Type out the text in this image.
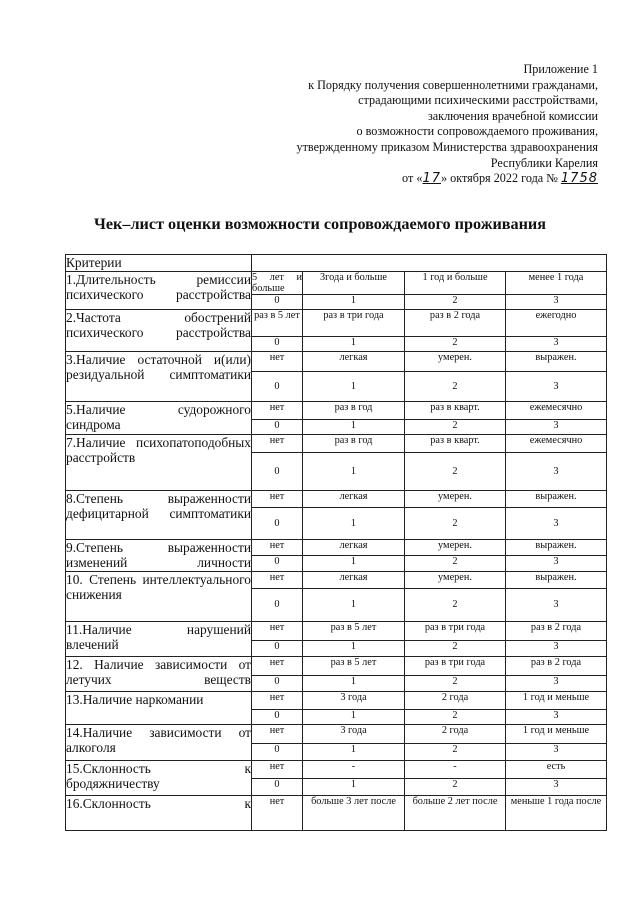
Приложение 1
к Порядку получения совершеннолетними гражданами,
страдающими психическими расстройствами,
заключения врачебной комиссии
о возможности сопровождаемого проживания,
утвержденному приказом Министерства здравоохранения
Республики Карелия
от «17» октября 2022 года № 1758
Чек–лист оценки возможности сопровождаемого проживания
Критерии				
1.Длительность ремиссии психического расстройства	5 лет и больше	3года и больше	1 год и больше	менее 1 года
	0	1	2	3
2.Частота обострений психического расстройства	раз в 5 лет	раз в три года	раз в 2 года	ежегодно
	0	1	2	3
3.Наличие остаточной и(или) резидуальной симптоматики	нет	легкая	умерен.	выражен.
	0	1	2	3
5.Наличие судорожного синдрома	нет	раз в год	раз в кварт.	ежемесячно
	0	1	2	3
7.Наличие психопатоподобных расстройств	нет	раз в год	раз в кварт.	ежемесячно
	0	1	2	3
8.Степень выраженности дефицитарной симптоматики	нет	легкая	умерен.	выражен.
	0	1	2	3
9.Степень выраженности изменений личности	нет	легкая	умерен.	выражен.
	0	1	2	3
10. Степень интеллектуального снижения	нет	легкая	умерен.	выражен.
	0	1	2	3
11.Наличие нарушений влечений	нет	раз в 5 лет	раз в три года	раз в 2 года
	0	1	2	3
12. Наличие зависимости от летучих веществ	нет	раз в 5 лет	раз в три года	раз в 2 года
	0	1	2	3
13.Наличие наркомании	нет	3 года	2 года	1 год и меньше
	0	1	2	3
14.Наличие зависимости от алкоголя	нет	3 года	2 года	1 год и меньше
	0	1	2	3
15.Склонность к бродяжничеству	нет	-	-	есть
	0	1	2	3
16.Склонность к	нет	больше 3 лет после	больше 2 лет после	меньше 1 года после
